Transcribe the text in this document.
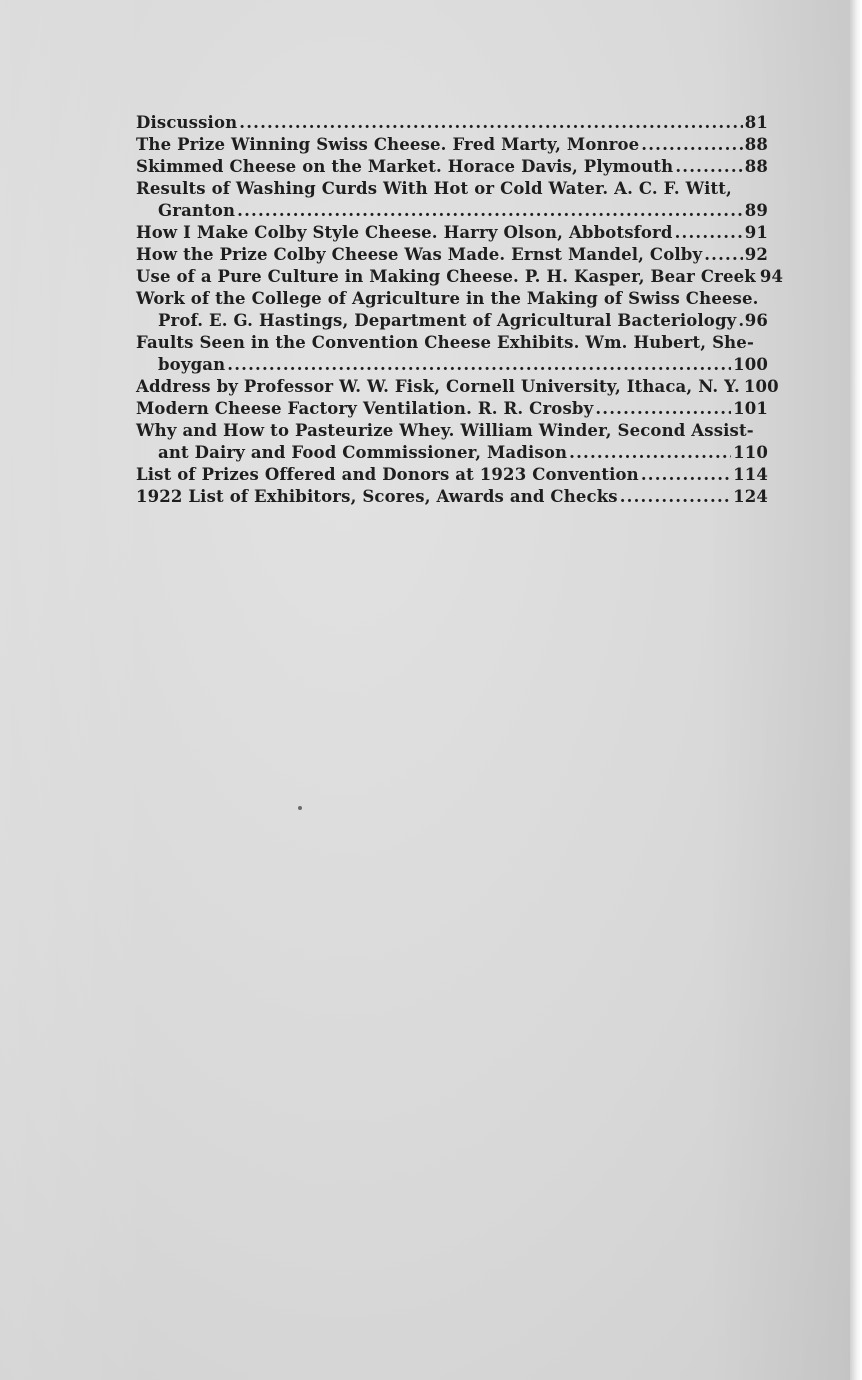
Discussion .....	81
The Prize Winning Swiss Cheese. Fred Marty, Monroe .....	88
Skimmed Cheese on the Market. Horace Davis, Plymouth .....	88
Results of Washing Curds With Hot or Cold Water. A. C. F. Witt,
Granton .....	89
How I Make Colby Style Cheese. Harry Olson, Abbotsford .....	91
How the Prize Colby Cheese Was Made. Ernst Mandel, Colby .....	92
Use of a Pure Culture in Making Cheese. P. H. Kasper, Bear Creek 94
Work of the College of Agriculture in the Making of Swiss Cheese.
Prof. E. G. Hastings, Department of Agricultural Bacteriology ..... 96
Faults Seen in the Convention Cheese Exhibits. Wm. Hubert, She-
boygan .....	100
Address by Professor W. W. Fisk, Cornell University, Ithaca, N. Y. 100
Modern Cheese Factory Ventilation. R. R. Crosby .....	101
Why and How to Pasteurize Whey. William Winder, Second Assist-
ant Dairy and Food Commissioner, Madison .....	110
List of Prizes Offered and Donors at 1923 Convention .....	114
1922 List of Exhibitors, Scores, Awards and Checks .....	124
